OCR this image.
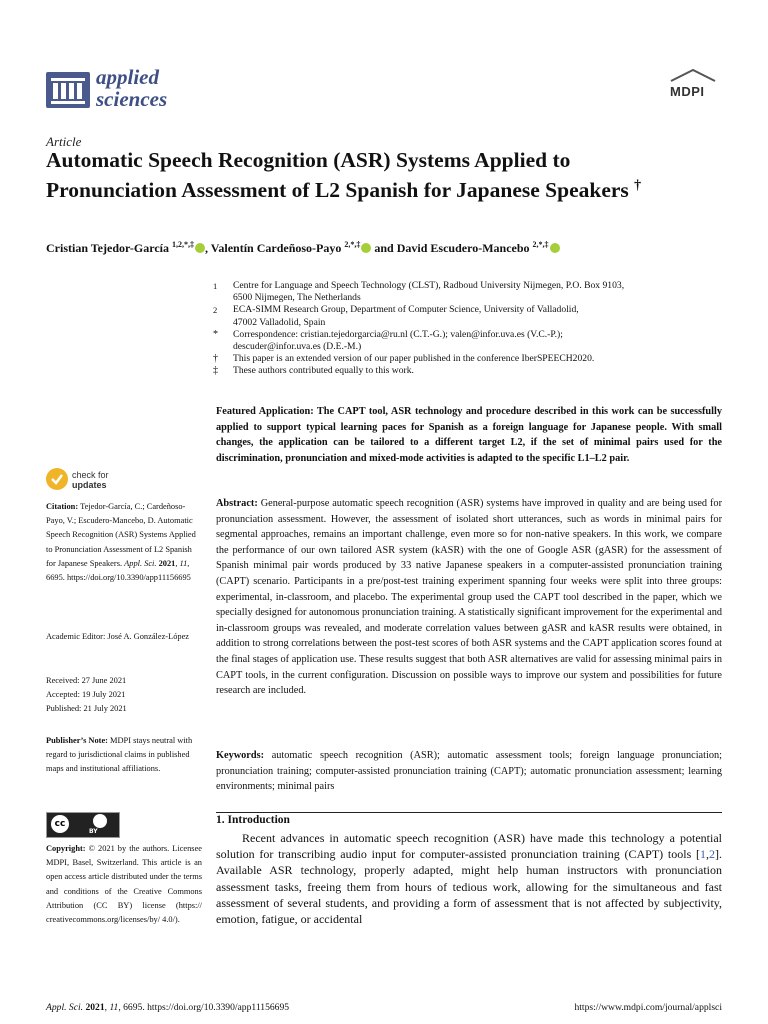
applied
sciences	MDPI
Article
Automatic Speech Recognition (ASR) Systems Applied to Pronunciation Assessment of L2 Spanish for Japanese Speakers †
Cristian Tejedor-García $^{1,2,*,\ddagger}$ , Valentín Cardeñoso-Payo $^{2,*,\ddagger}$ and David Escudero-Mancebo $^{2,*,\ddagger}$
1	Centre for Language and Speech Technology (CLST), Radboud University Nijmegen, P.O. Box 9103,
6500 Nijmegen, The Netherlands
2	ECA-SIMM Research Group, Department of Computer Science, University of Valladolid,
47002 Valladolid, Spain
*	Correspondence: cristian.tejedorgarcia@ru.nl (C.T.-G.); valen@infor.uva.es (V.C.-P.);
descuder@infor.uva.es (D.E.-M.)
†	This paper is an extended version of our paper published in the conference IberSPEECH2020.
‡	These authors contributed equally to this work.
Featured Application: The CAPT tool, ASR technology and procedure described in this work can be successfully applied to support typical learning paces for Spanish as a foreign language for Japanese people. With small changes, the application can be tailored to a different target L2, if the set of minimal pairs used for the discrimination, pronunciation and mixed-mode activities is adapted to the specific L1–L2 pair.
check for
updates
Citation: Tejedor-García, C.; Cardeñoso-Payo, V.; Escudero-Mancebo, D. Automatic Speech Recognition (ASR) Systems Applied to Pronunciation Assessment of L2 Spanish for Japanese Speakers. Appl. Sci. 2021, 11, 6695. https://doi.org/10.3390/app11156695
Academic Editor: José A. González-López
Received: 27 June 2021
Accepted: 19 July 2021
Published: 21 July 2021
Publisher’s Note: MDPI stays neutral with regard to jurisdictional claims in published maps and institutional affiliations.
cc
BY
Copyright: © 2021 by the authors. Licensee MDPI, Basel, Switzerland. This article is an open access article distributed under the terms and conditions of the Creative Commons Attribution (CC BY) license (https:// creativecommons.org/licenses/by/ 4.0/).
Abstract: General-purpose automatic speech recognition (ASR) systems have improved in quality and are being used for pronunciation assessment. However, the assessment of isolated short utterances, such as words in minimal pairs for segmental approaches, remains an important challenge, even more so for non-native speakers. In this work, we compare the performance of our own tailored ASR system (kASR) with the one of Google ASR (gASR) for the assessment of Spanish minimal pair words produced by 33 native Japanese speakers in a computer-assisted pronunciation training (CAPT) scenario. Participants in a pre/post-test training experiment spanning four weeks were split into three groups: experimental, in-classroom, and placebo. The experimental group used the CAPT tool described in the paper, which we specially designed for autonomous pronunciation training. A statistically significant improvement for the experimental and in-classroom groups was revealed, and moderate correlation values between gASR and kASR results were obtained, in addition to strong correlations between the post-test scores of both ASR systems and the CAPT application scores found at the final stages of application use. These results suggest that both ASR alternatives are valid for assessing minimal pairs in CAPT tools, in the current configuration. Discussion on possible ways to improve our system and possibilities for future research are included.
Keywords: automatic speech recognition (ASR); automatic assessment tools; foreign language pronunciation; pronunciation training; computer-assisted pronunciation training (CAPT); automatic pronunciation assessment; learning environments; minimal pairs
1. Introduction
Recent advances in automatic speech recognition (ASR) have made this technology a potential solution for transcribing audio input for computer-assisted pronunciation training (CAPT) tools [1,2]. Available ASR technology, properly adapted, might help human instructors with pronunciation assessment tasks, freeing them from hours of tedious work, allowing for the simultaneous and fast assessment of several students, and providing a form of assessment that is not affected by subjectivity, emotion, fatigue, or accidental
Appl. Sci. 2021, 11, 6695. https://doi.org/10.3390/app11156695	https://www.mdpi.com/journal/applsci
